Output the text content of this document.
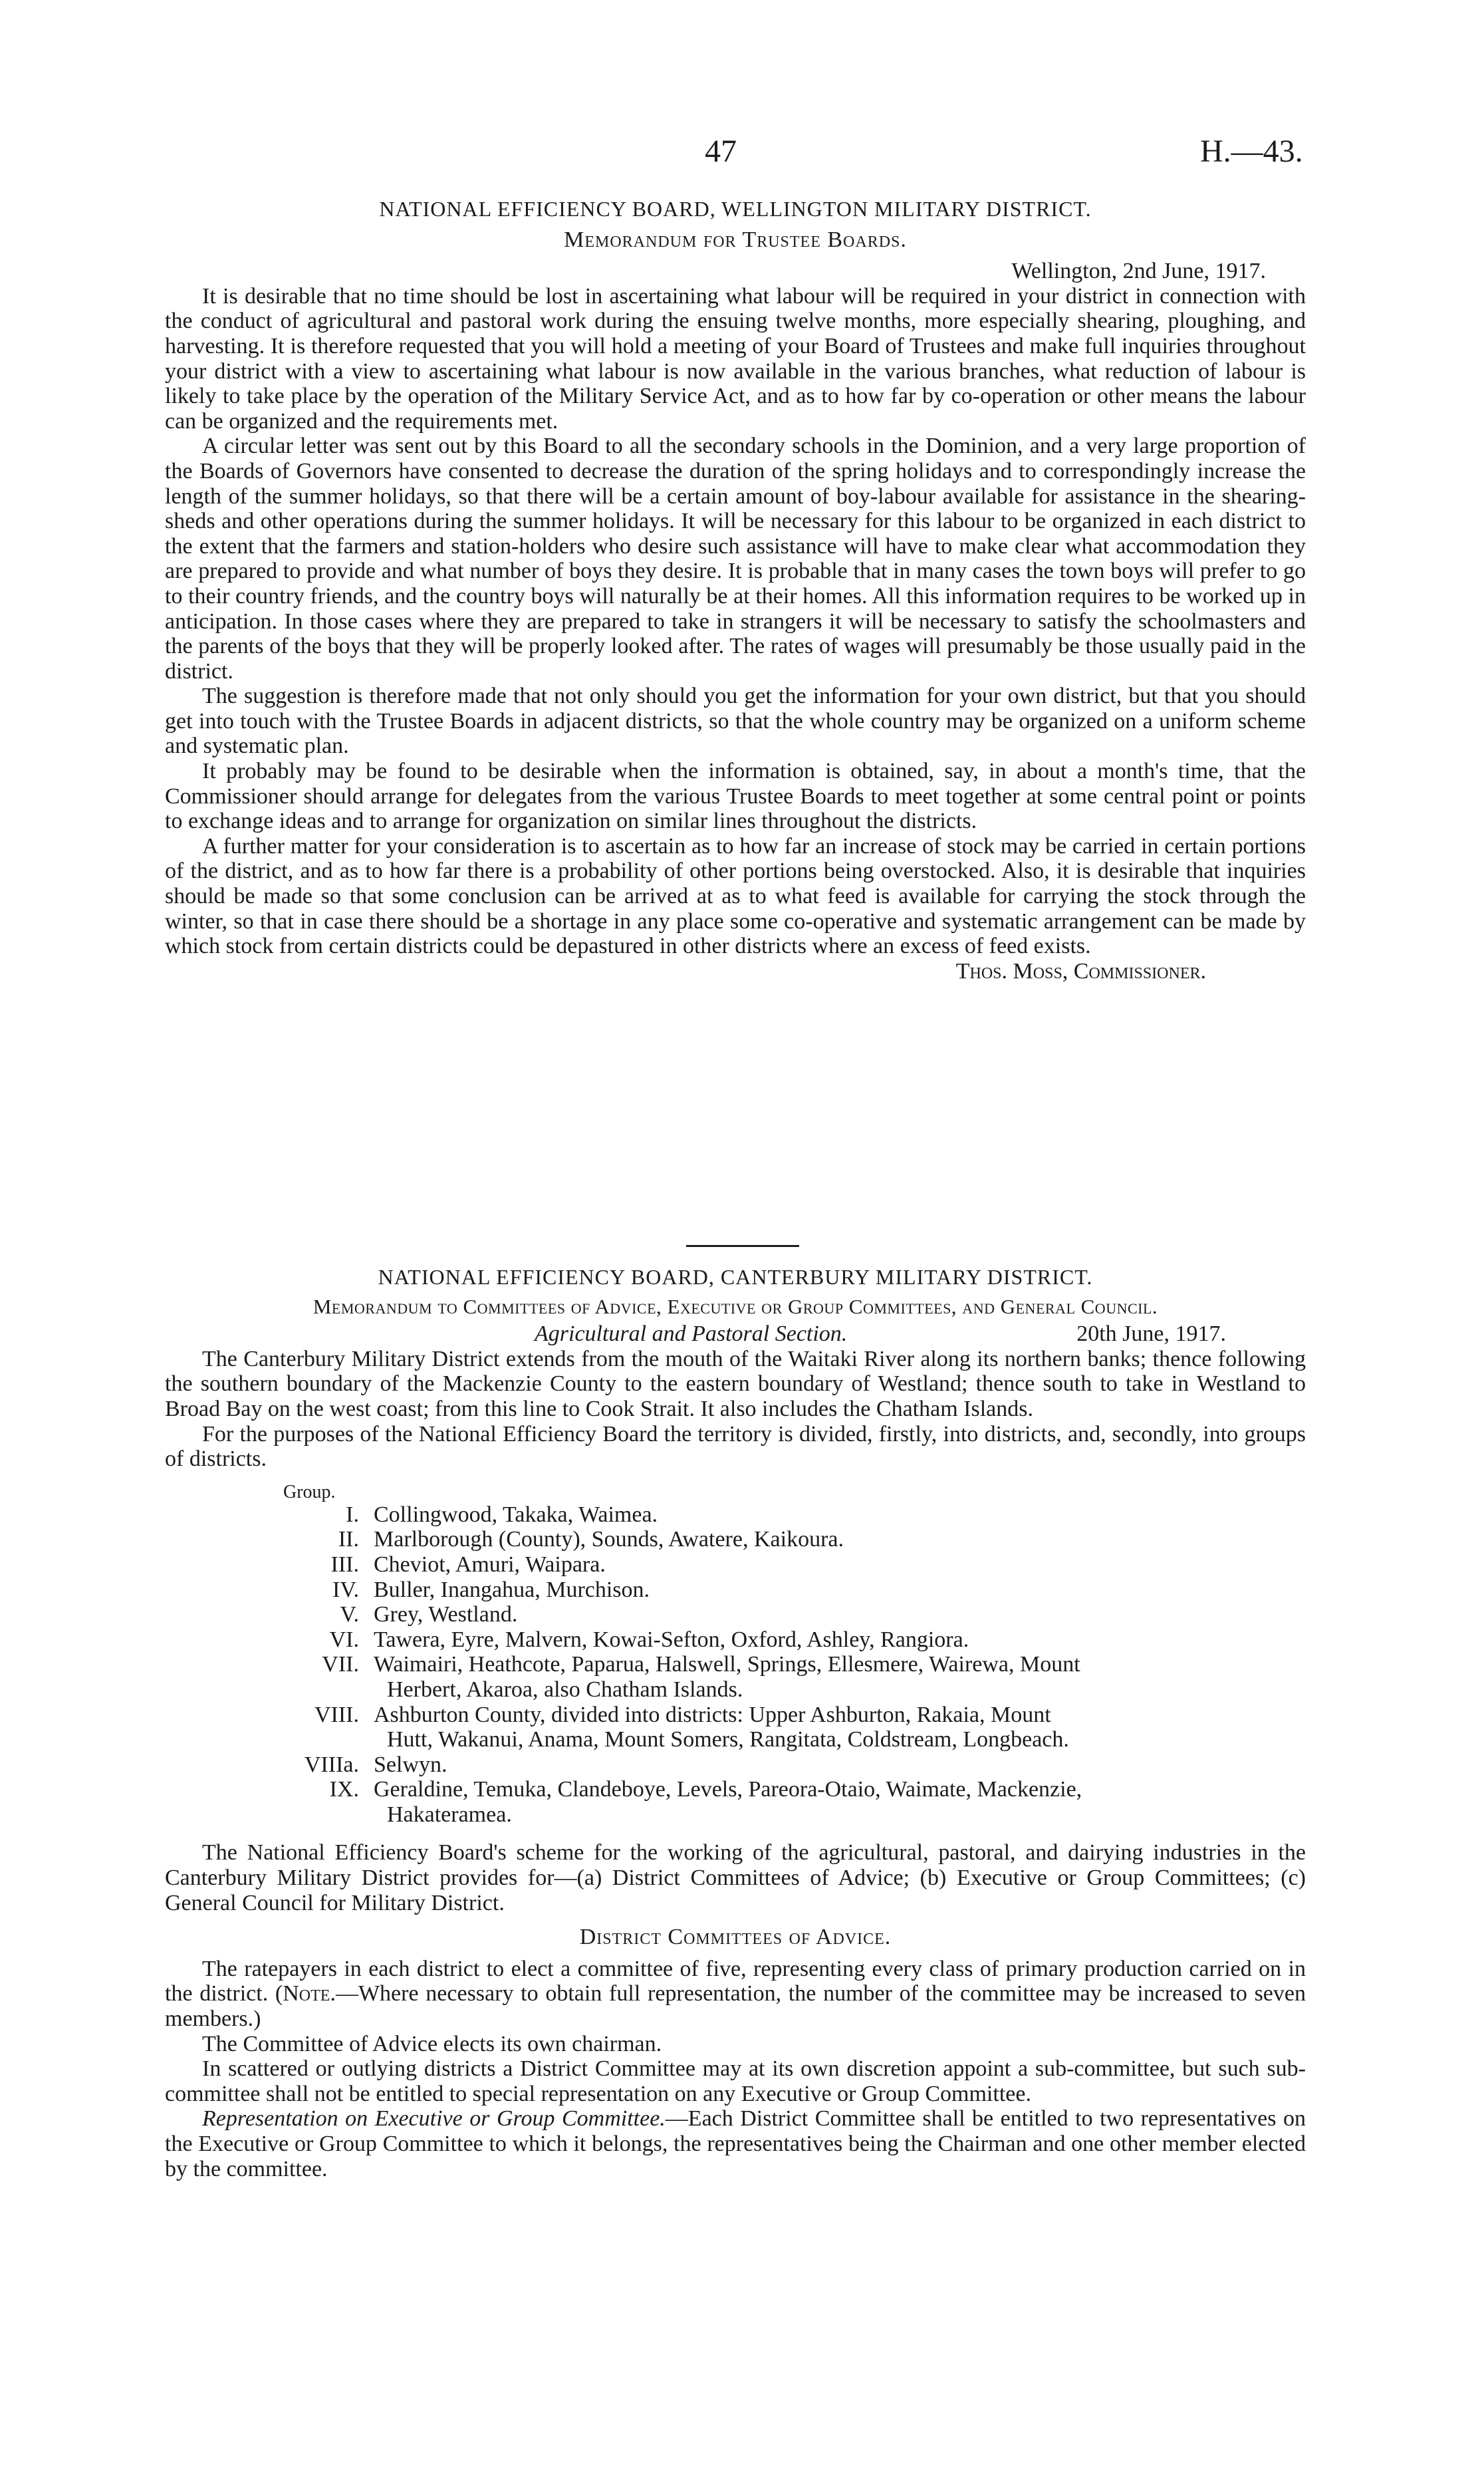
47	H.—43.
NATIONAL EFFICIENCY BOARD, WELLINGTON MILITARY DISTRICT.
Memorandum for Trustee Boards.
Wellington, 2nd June, 1917.

It is desirable that no time should be lost in ascertaining what labour will be required in your district in connection with the conduct of agricultural and pastoral work during the ensuing twelve months, more especially shearing, ploughing, and harvesting. It is therefore requested that you will hold a meeting of your Board of Trustees and make full inquiries throughout your district with a view to ascertaining what labour is now available in the various branches, what reduction of labour is likely to take place by the operation of the Military Service Act, and as to how far by co-operation or other means the labour can be organized and the requirements met.

A circular letter was sent out by this Board to all the secondary schools in the Dominion, and a very large proportion of the Boards of Governors have consented to decrease the duration of the spring holidays and to correspondingly increase the length of the summer holidays, so that there will be a certain amount of boy-labour available for assistance in the shearing-sheds and other operations during the summer holidays. It will be necessary for this labour to be organized in each district to the extent that the farmers and station-holders who desire such assistance will have to make clear what accommodation they are prepared to provide and what number of boys they desire. It is probable that in many cases the town boys will prefer to go to their country friends, and the country boys will naturally be at their homes. All this information requires to be worked up in anticipation. In those cases where they are prepared to take in strangers it will be necessary to satisfy the schoolmasters and the parents of the boys that they will be properly looked after. The rates of wages will presumably be those usually paid in the district.

The suggestion is therefore made that not only should you get the information for your own district, but that you should get into touch with the Trustee Boards in adjacent districts, so that the whole country may be organized on a uniform scheme and systematic plan.

It probably may be found to be desirable when the information is obtained, say, in about a month's time, that the Commissioner should arrange for delegates from the various Trustee Boards to meet together at some central point or points to exchange ideas and to arrange for organization on similar lines throughout the districts.

A further matter for your consideration is to ascertain as to how far an increase of stock may be carried in certain portions of the district, and as to how far there is a probability of other portions being overstocked. Also, it is desirable that inquiries should be made so that some conclusion can be arrived at as to what feed is available for carrying the stock through the winter, so that in case there should be a shortage in any place some co-operative and systematic arrangement can be made by which stock from certain districts could be depastured in other districts where an excess of feed exists.

Thos. Moss, Commissioner.
NATIONAL EFFICIENCY BOARD, CANTERBURY MILITARY DISTRICT.
Memorandum to Committees of Advice, Executive or Group Committees, and General Council.
Agricultural and Pastoral Section.	20th June, 1917.

The Canterbury Military District extends from the mouth of the Waitaki River along its northern banks; thence following the southern boundary of the Mackenzie County to the eastern boundary of Westland; thence south to take in Westland to Broad Bay on the west coast; from this line to Cook Strait. It also includes the Chatham Islands.

For the purposes of the National Efficiency Board the territory is divided, firstly, into districts, and, secondly, into groups of districts.

Group.
I. Collingwood, Takaka, Waimea.
II. Marlborough (County), Sounds, Awatere, Kaikoura.
III. Cheviot, Amuri, Waipara.
IV. Buller, Inangahua, Murchison.
V. Grey, Westland.
VI. Tawera, Eyre, Malvern, Kowai-Sefton, Oxford, Ashley, Rangiora.
VII. Waimairi, Heathcote, Paparua, Halswell, Springs, Ellesmere, Wairewa, Mount
Herbert, Akaroa, also Chatham Islands.
VIII. Ashburton County, divided into districts: Upper Ashburton, Rakaia, Mount
Hutt, Wakanui, Anama, Mount Somers, Rangitata, Coldstream, Longbeach.
VIIIa. Selwyn.
IX. Geraldine, Temuka, Clandeboye, Levels, Pareora-Otaio, Waimate, Mackenzie,
Hakateramea.

The National Efficiency Board's scheme for the working of the agricultural, pastoral, and dairying industries in the Canterbury Military District provides for—(a) District Committees of Advice; (b) Executive or Group Committees; (c) General Council for Military District.

District Committees of Advice.

The ratepayers in each district to elect a committee of five, representing every class of primary production carried on in the district. (Note.—Where necessary to obtain full representation, the number of the committee may be increased to seven members.)

The Committee of Advice elects its own chairman.

In scattered or outlying districts a District Committee may at its own discretion appoint a sub-committee, but such sub-committee shall not be entitled to special representation on any Executive or Group Committee.

Representation on Executive or Group Committee.—Each District Committee shall be entitled to two representatives on the Executive or Group Committee to which it belongs, the representatives being the Chairman and one other member elected by the committee.
